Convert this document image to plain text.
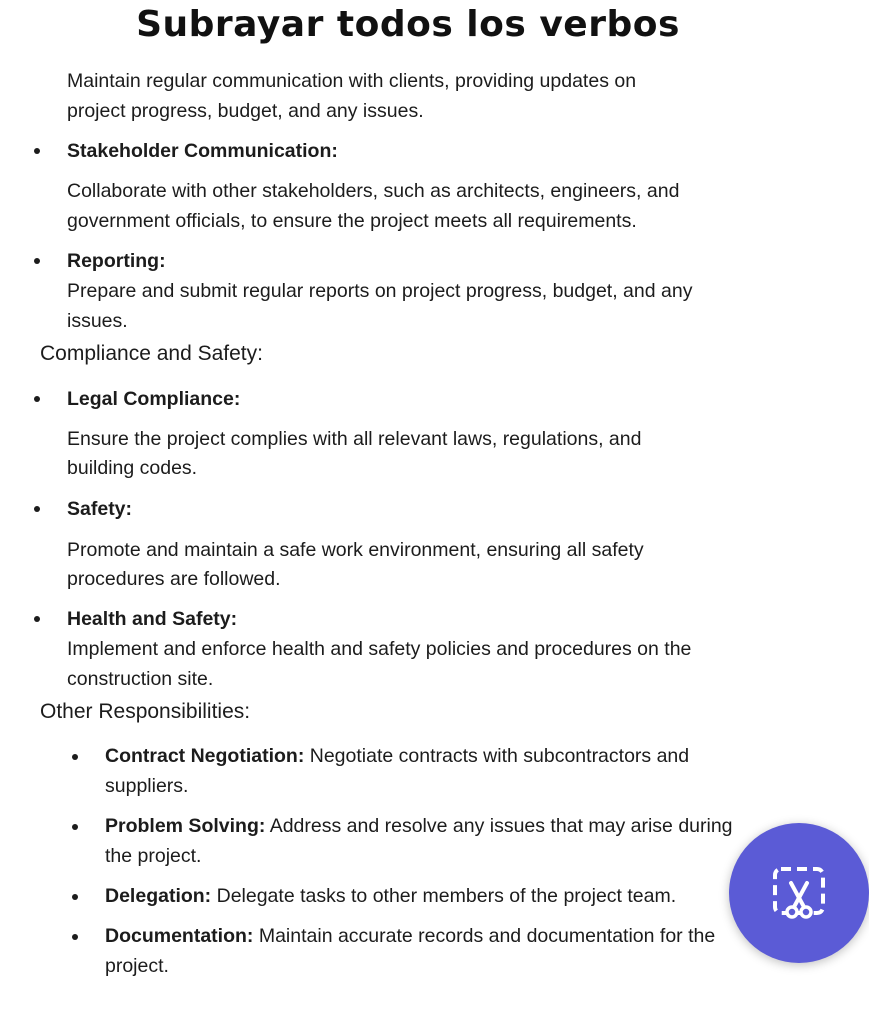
Subrayar todos los verbos
Maintain regular communication with clients, providing updates on
project progress, budget, and any issues.
Stakeholder Communication:
Collaborate with other stakeholders, such as architects, engineers, and
government officials, to ensure the project meets all requirements.
Reporting:
Prepare and submit regular reports on project progress, budget, and any
issues.
Compliance and Safety:
Legal Compliance:
Ensure the project complies with all relevant laws, regulations, and
building codes.
Safety:
Promote and maintain a safe work environment, ensuring all safety
procedures are followed.
Health and Safety:
Implement and enforce health and safety policies and procedures on the
construction site.
Other Responsibilities:
Contract Negotiation: Negotiate contracts with subcontractors and suppliers.
Problem Solving: Address and resolve any issues that may arise during the project.
Delegation: Delegate tasks to other members of the project team.
Documentation: Maintain accurate records and documentation for the project.
